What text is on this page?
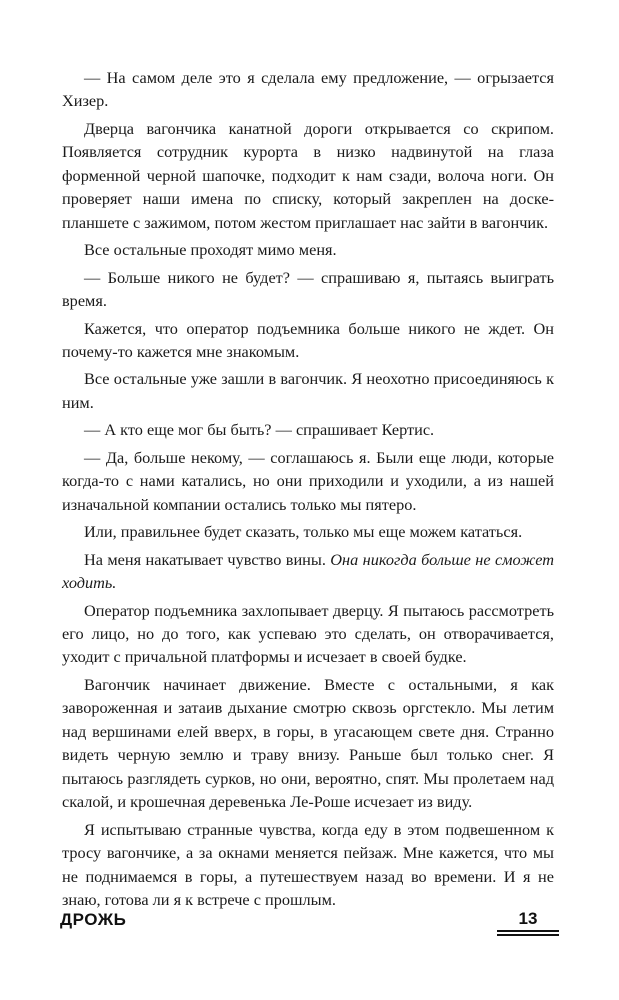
— На самом деле это я сделала ему предложение, — огрызается Хизер.

Дверца вагончика канатной дороги открывается со скрипом. Появляется сотрудник курорта в низко надвинутой на глаза форменной черной шапочке, подходит к нам сзади, волоча ноги. Он проверяет наши имена по списку, который закреплен на доске-планшете с зажимом, потом жестом приглашает нас зайти в вагончик.

Все остальные проходят мимо меня.

— Больше никого не будет? — спрашиваю я, пытаясь выиграть время.

Кажется, что оператор подъемника больше никого не ждет. Он почему-то кажется мне знакомым.

Все остальные уже зашли в вагончик. Я неохотно присоединяюсь к ним.

— А кто еще мог бы быть? — спрашивает Кертис.

— Да, больше некому, — соглашаюсь я. Были еще люди, которые когда-то с нами катались, но они приходили и уходили, а из нашей изначальной компании остались только мы пятеро.

Или, правильнее будет сказать, только мы еще можем кататься.

На меня накатывает чувство вины. Она никогда больше не сможет ходить.

Оператор подъемника захлопывает дверцу. Я пытаюсь рассмотреть его лицо, но до того, как успеваю это сделать, он отворачивается, уходит с причальной платформы и исчезает в своей будке.

Вагончик начинает движение. Вместе с остальными, я как завороженная и затаив дыхание смотрю сквозь оргстекло. Мы летим над вершинами елей вверх, в горы, в угасающем свете дня. Странно видеть черную землю и траву внизу. Раньше был только снег. Я пытаюсь разглядеть сурков, но они, вероятно, спят. Мы пролетаем над скалой, и крошечная деревенька Ле-Роше исчезает из виду.

Я испытываю странные чувства, когда еду в этом подвешенном к тросу вагончике, а за окнами меняется пейзаж. Мне кажется, что мы не поднимаемся в горы, а путешествуем назад во времени. И я не знаю, готова ли я к встрече с прошлым.

ДРОЖЬ	13
